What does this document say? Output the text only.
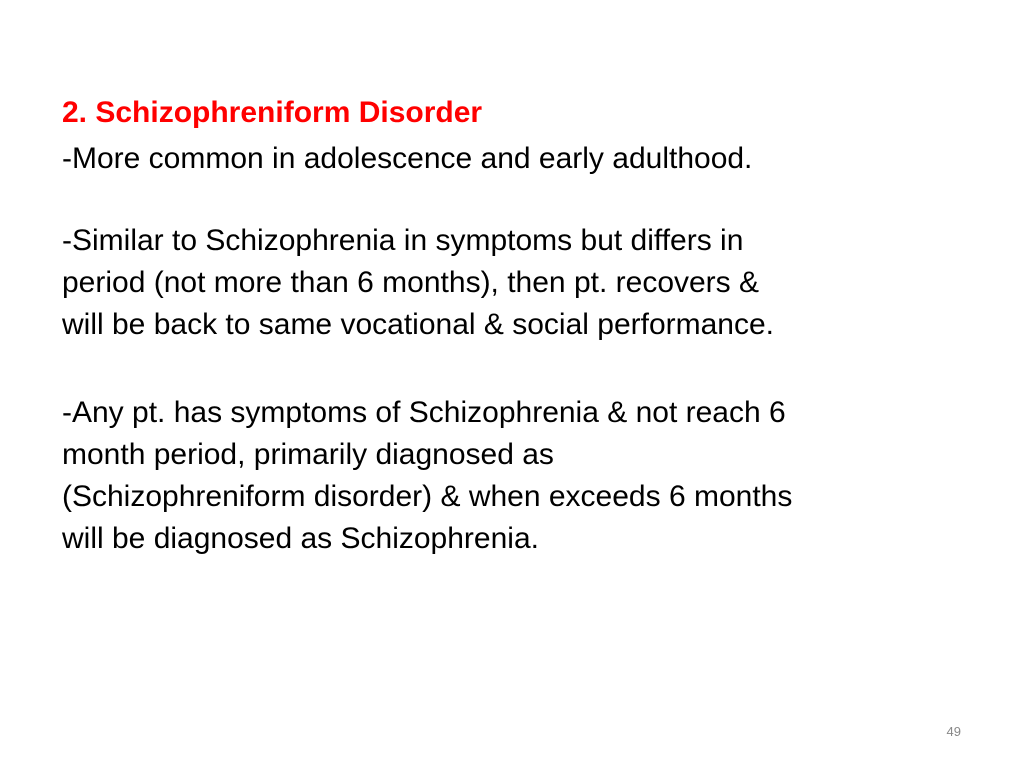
2. Schizophreniform Disorder

-More common in adolescence and early adulthood.

-Similar to Schizophrenia in symptoms but differs in
period (not more than 6 months), then pt. recovers &
will be back to same vocational & social performance.

-Any pt. has symptoms of Schizophrenia & not reach 6
month period, primarily diagnosed as
(Schizophreniform disorder) & when exceeds 6 months
will be diagnosed as Schizophrenia.

49
